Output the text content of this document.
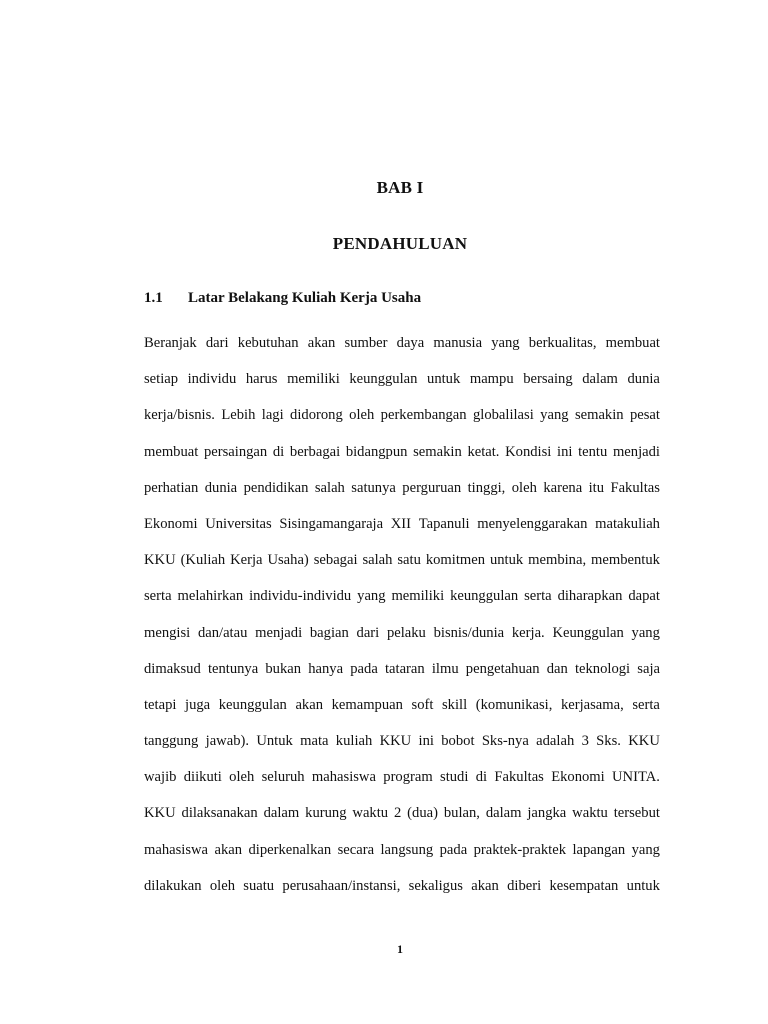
BAB I
PENDAHULUAN
1.1 Latar Belakang Kuliah Kerja Usaha
Beranjak dari kebutuhan akan sumber daya manusia yang berkualitas, membuat
setiap individu harus memiliki keunggulan untuk mampu bersaing dalam dunia
kerja/bisnis. Lebih lagi didorong oleh perkembangan globalilasi yang semakin pesat
membuat persaingan di berbagai bidangpun semakin ketat. Kondisi ini tentu menjadi
perhatian dunia pendidikan salah satunya perguruan tinggi, oleh karena itu Fakultas
Ekonomi Universitas Sisingamangaraja XII Tapanuli menyelenggarakan matakuliah
KKU (Kuliah Kerja Usaha) sebagai salah satu komitmen untuk membina, membentuk
serta melahirkan individu-individu yang memiliki keunggulan serta diharapkan dapat
mengisi dan/atau menjadi bagian dari pelaku bisnis/dunia kerja. Keunggulan yang
dimaksud tentunya bukan hanya pada tataran ilmu pengetahuan dan teknologi saja
tetapi juga keunggulan akan kemampuan soft skill (komunikasi, kerjasama, serta
tanggung jawab). Untuk mata kuliah KKU ini bobot Sks-nya adalah 3 Sks. KKU
wajib diikuti oleh seluruh mahasiswa program studi di Fakultas Ekonomi UNITA.
KKU dilaksanakan dalam kurung waktu 2 (dua) bulan, dalam jangka waktu tersebut
mahasiswa akan diperkenalkan secara langsung pada praktek-praktek lapangan yang
dilakukan oleh suatu perusahaan/instansi, sekaligus akan diberi kesempatan untuk
1
